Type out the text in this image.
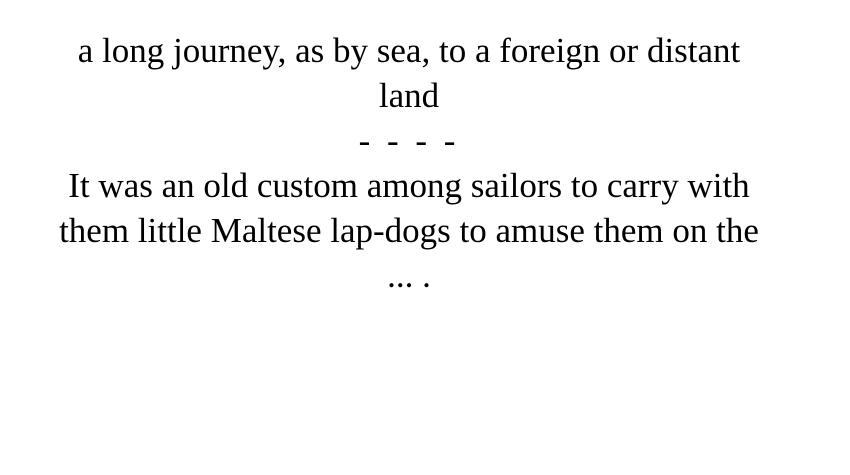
a long journey, as by sea, to a foreign or distant land
- - - -
It was an old custom among sailors to carry with them little Maltese lap-dogs to amuse them on the ... .
